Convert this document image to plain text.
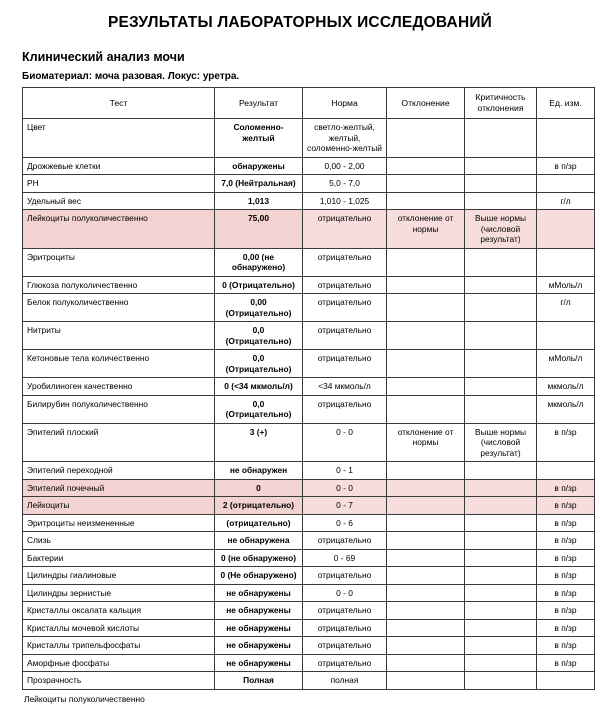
РЕЗУЛЬТАТЫ ЛАБОРАТОРНЫХ ИССЛЕДОВАНИЙ
Клинический анализ мочи
Биоматериал: моча разовая. Локус: уретра.
Тест	Результат	Норма	Отклонение	Критичность отклонения	Ед. изм.
Цвет	Соломенно-желтый	светло-желтый, желтый, соломенно-желтый			
Дрожжевые клетки	обнаружены	0,00 - 2,00			в п/зр
РН	7,0 (Нейтральная)	5,0 - 7,0			
Удельный вес	1,013	1,010 - 1,025			г/л
Лейкоциты полуколичественно	75,00	отрицательно	отклонение от нормы	Выше нормы (числовой результат)	
Эритроциты	0,00 (не обнаружено)	отрицательно			
Глюкоза полуколичественно	0 (Отрицательно)	отрицательно			мМоль/л
Белок полуколичественно	0,00 (Отрицательно)	отрицательно			г/л
Нитриты	0,0 (Отрицательно)	отрицательно			
Кетоновые тела количественно	0,0 (Отрицательно)	отрицательно			мМоль/л
Уробилиноген качественно	0 (<34 мкмоль/л)	<34 мкмоль/л			мкмоль/л
Билирубин полуколичественно	0,0 (Отрицательно)	отрицательно			мкмоль/л
Эпителий плоский	3 (+)	0 - 0	отклонение от нормы	Выше нормы (числовой результат)	в п/зр
Эпителий переходной	не обнаружен	0 - 1			
Эпителий почечный	0	0 - 0			в п/зр
Лейкоциты	2 (отрицательно)	0 - 7			в п/зр
Эритроциты неизмененные	(отрицательно)	0 - 6			в п/зр
Слизь	не обнаружена	отрицательно			в п/зр
Бактерии	0 (не обнаружено)	0 - 69			в п/зр
Цилиндры гиалиновые	0 (Не обнаружено)	отрицательно			в п/зр
Цилиндры зернистые	не обнаружены	0 - 0			в п/зр
Кристаллы оксалата кальция	не обнаружены	отрицательно			в п/зр
Кристаллы мочевой кислоты	не обнаружены	отрицательно			в п/зр
Кристаллы трипельфосфаты	не обнаружены	отрицательно			в п/зр
Аморфные фосфаты	не обнаружены	отрицательно			в п/зр
Прозрачность	Полная	полная			
Лейкоциты полуколичественно
